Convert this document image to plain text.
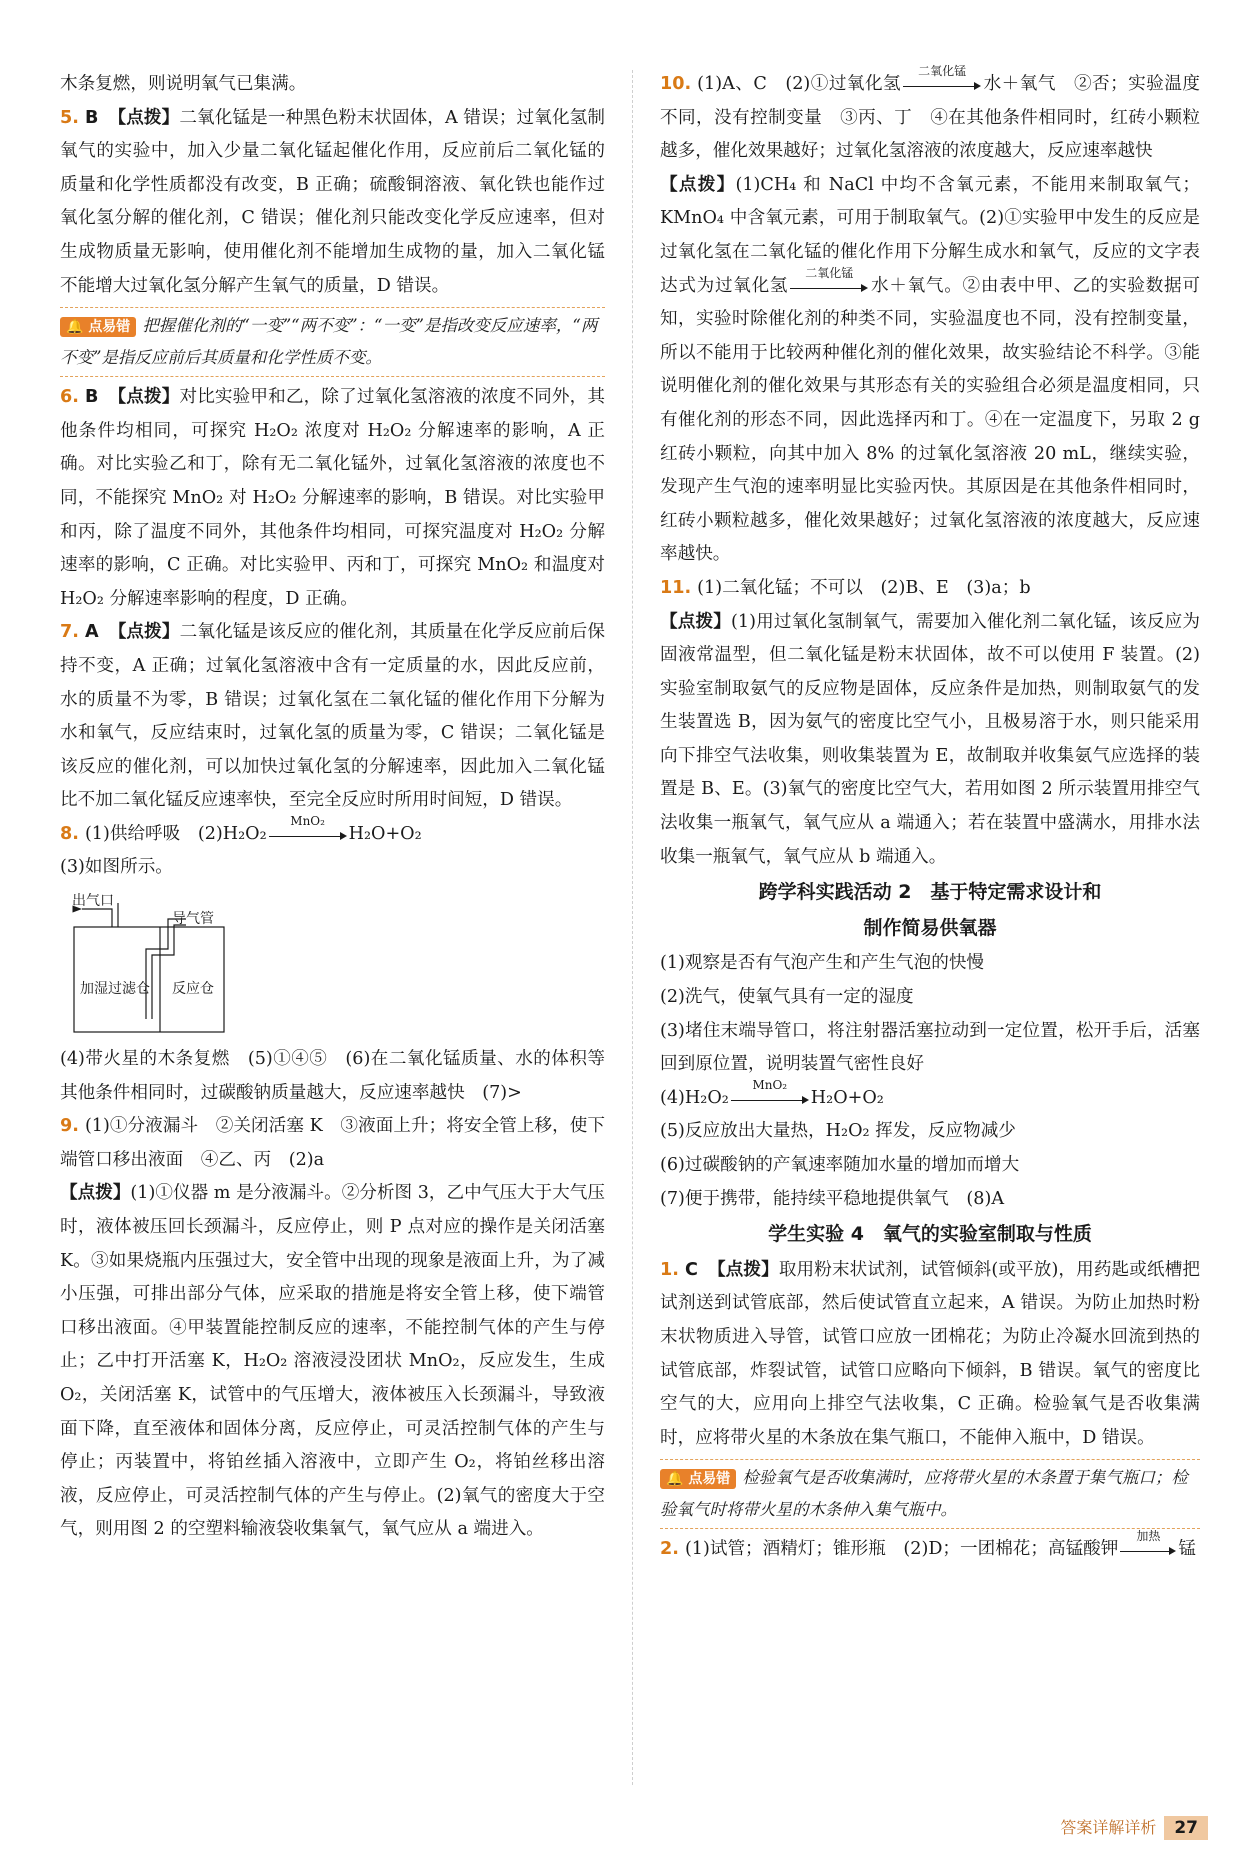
木条复燃，则说明氧气已集满。

5. B 【点拨】二氧化锰是一种黑色粉末状固体，A 错误；过氧化氢制氧气的实验中，加入少量二氧化锰起催化作用，反应前后二氧化锰的质量和化学性质都没有改变，B 正确；硫酸铜溶液、氧化铁也能作过氧化氢分解的催化剂，C 错误；催化剂只能改变化学反应速率，但对生成物质量无影响，使用催化剂不能增加生成物的量，加入二氧化锰不能增大过氧化氢分解产生氧气的质量，D 错误。

🔔 点易错 把握催化剂的“一变”“两不变”：“一变”是指改变反应速率，“两不变”是指反应前后其质量和化学性质不变。

6. B 【点拨】对比实验甲和乙，除了过氧化氢溶液的浓度不同外，其他条件均相同，可探究 H₂O₂ 浓度对 H₂O₂ 分解速率的影响，A 正确。对比实验乙和丁，除有无二氧化锰外，过氧化氢溶液的浓度也不同，不能探究 MnO₂ 对 H₂O₂ 分解速率的影响，B 错误。对比实验甲和丙，除了温度不同外，其他条件均相同，可探究温度对 H₂O₂ 分解速率的影响，C 正确。对比实验甲、丙和丁，可探究 MnO₂ 和温度对 H₂O₂ 分解速率影响的程度，D 正确。

7. A 【点拨】二氧化锰是该反应的催化剂，其质量在化学反应前后保持不变，A 正确；过氧化氢溶液中含有一定质量的水，因此反应前，水的质量不为零，B 错误；过氧化氢在二氧化锰的催化作用下分解为水和氧气，反应结束时，过氧化氢的质量为零，C 错误；二氧化锰是该反应的催化剂，可以加快过氧化氢的分解速率，因此加入二氧化锰比不加二氧化锰反应速率快，至完全反应时所用时间短，D 错误。

8. (1)供给呼吸　(2)H₂O₂
MnO₂
H₂O+O₂
(3)如图所示。

出气口
导气管
加湿过滤仓 反应仓

(4)带火星的木条复燃　(5)①④⑤　(6)在二氧化锰质量、水的体积等其他条件相同时，过碳酸钠质量越大，反应速率越快　(7)>

9. (1)①分液漏斗　②关闭活塞 K　③液面上升；将安全管上移，使下端管口移出液面　④乙、丙　(2)a
【点拨】(1)①仪器 m 是分液漏斗。②分析图 3，乙中气压大于大气压时，液体被压回长颈漏斗，反应停止，则 P 点对应的操作是关闭活塞 K。③如果烧瓶内压强过大，安全管中出现的现象是液面上升，为了减小压强，可排出部分气体，应采取的措施是将安全管上移，使下端管口移出液面。④甲装置能控制反应的速率，不能控制气体的产生与停止；乙中打开活塞 K，H₂O₂ 溶液浸没团状 MnO₂，反应发生，生成 O₂，关闭活塞 K，试管中的气压增大，液体被压入长颈漏斗，导致液面下降，直至液体和固体分离，反应停止，可灵活控制气体的产生与停止；丙装置中，将铂丝插入溶液中，立即产生 O₂，将铂丝移出溶液，反应停止，可灵活控制气体的产生与停止。(2)氧气的密度大于空气，则用图 2 的空塑料输液袋收集氧气，氧气应从 a 端进入。

10. (1)A、C　(2)①过氧化氢
二氧化锰
水＋氧气　②否；实验温度不同，没有控制变量　③丙、丁　④在其他条件相同时，红砖小颗粒越多，催化效果越好；过氧化氢溶液的浓度越大，反应速率越快
【点拨】(1)CH₄ 和 NaCl 中均不含氧元素，不能用来制取氧气；KMnO₄ 中含氧元素，可用于制取氧气。(2)①实验甲中发生的反应是过氧化氢在二氧化锰的催化作用下分解生成水和氧气，反应的文字表达式为过氧化氢
二氧化锰
水＋氧气。②由表中甲、乙的实验数据可知，实验时除催化剂的种类不同，实验温度也不同，没有控制变量，所以不能用于比较两种催化剂的催化效果，故实验结论不科学。③能说明催化剂的催化效果与其形态有关的实验组合必须是温度相同，只有催化剂的形态不同，因此选择丙和丁。④在一定温度下，另取 2 g 红砖小颗粒，向其中加入 8% 的过氧化氢溶液 20 mL，继续实验，发现产生气泡的速率明显比实验丙快。其原因是在其他条件相同时，红砖小颗粒越多，催化效果越好；过氧化氢溶液的浓度越大，反应速率越快。

11. (1)二氧化锰；不可以　(2)B、E　(3)a；b
【点拨】(1)用过氧化氢制氧气，需要加入催化剂二氧化锰，该反应为固液常温型，但二氧化锰是粉末状固体，故不可以使用 F 装置。(2)实验室制取氨气的反应物是固体，反应条件是加热，则制取氨气的发生装置选 B，因为氨气的密度比空气小，且极易溶于水，则只能采用向下排空气法收集，则收集装置为 E，故制取并收集氨气应选择的装置是 B、E。(3)氧气的密度比空气大，若用如图 2 所示装置用排空气法收集一瓶氧气，氧气应从 a 端通入；若在装置中盛满水，用排水法收集一瓶氧气，氧气应从 b 端通入。

跨学科实践活动 2　基于特定需求设计和
制作简易供氧器

(1)观察是否有气泡产生和产生气泡的快慢

(2)洗气，使氧气具有一定的湿度

(3)堵住末端导管口，将注射器活塞拉动到一定位置，松开手后，活塞回到原位置，说明装置气密性良好

(4)H₂O₂
MnO₂
H₂O+O₂

(5)反应放出大量热，H₂O₂ 挥发，反应物减少

(6)过碳酸钠的产氧速率随加水量的增加而增大

(7)便于携带，能持续平稳地提供氧气　(8)A

学生实验 4　氧气的实验室制取与性质

1. C 【点拨】取用粉末状试剂，试管倾斜(或平放)，用药匙或纸槽把试剂送到试管底部，然后使试管直立起来，A 错误。为防止加热时粉末状物质进入导管，试管口应放一团棉花；为防止冷凝水回流到热的试管底部，炸裂试管，试管口应略向下倾斜，B 错误。氧气的密度比空气的大，应用向上排空气法收集，C 正确。检验氧气是否收集满时，应将带火星的木条放在集气瓶口，不能伸入瓶中，D 错误。

🔔 点易错 检验氧气是否收集满时，应将带火星的木条置于集气瓶口；检验氧气时将带火星的木条伸入集气瓶中。

2. (1)试管；酒精灯；锥形瓶　(2)D；一团棉花；高锰酸钾
加热
锰

答案详解详析 27
